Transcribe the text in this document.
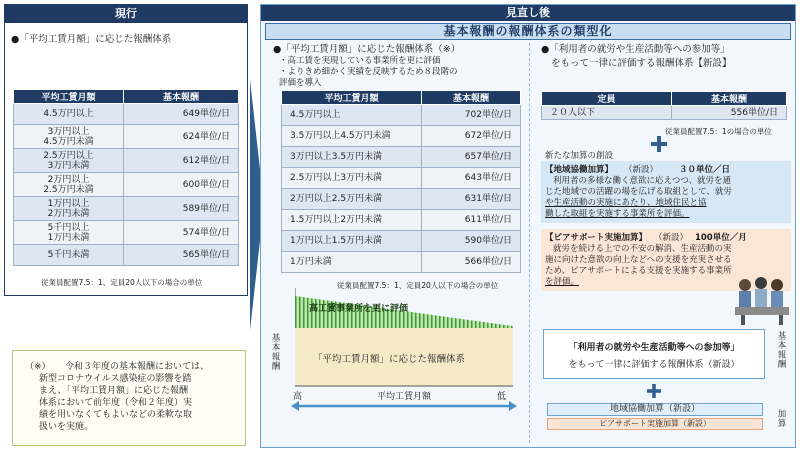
現行
●「平均工賃月額」に応じた報酬体系
平均工賃月額	基本報酬

4.5万円以上	649単位/日

3万円以上
4.5万円未満	624単位/日

2.5万円以上
3万円未満	612単位/日

2万円以上
2.5万円未満	600単位/日

1万円以上
2万円未満	589単位/日

5千円以上
1万円未満	574単位/日

5千円未満	565単位/日
従業員配置7.5：1、定員20人以下の場合の単位
（※） 令和３年度の基本報酬においては、
新型コロナウイルス感染症の影響を踏
まえ、「平均工賃月額」に応じた報酬
体系において前年度（令和２年度）実
績を用いなくてもよいなどの柔軟な取
扱いを実施。
見直し後
基本報酬の報酬体系の類型化
●「平均工賃月額」に応じた報酬体系（※）
・高工賃を実現している事業所を更に評価
・よりきめ細かく実績を反映するため８段階の
評価を導入
平均工賃月額	基本報酬
4.5万円以上	702単位/日
3.5万円以上4.5万円未満	672単位/日
3万円以上3.5万円未満	657単位/日
2.5万円以上3万円未満	643単位/日
2万円以上2.5万円未満	631単位/日
1.5万円以上2万円未満	611単位/日
1万円以上1.5万円未満	590単位/日
1万円未満	566単位/日
従業員配置7.5：1、定員20人以下の場合の単位
基本報酬
高工賃事業所を更に評価
「平均工賃月額」に応じた報酬体系
高	平均工賃月額	低
●「利用者の就労や生産活動等への参加等」
をもって一律に評価する報酬体系【新設】
定員	基本報酬
２０人以下	556単位/日
従業員配置7.5：1の場合の単位
新たな加算の創設
【地域協働加算】 （新設） ３０単位／日
利用者の多様な働く意欲に応えつつ、就労を通
じた地域での活躍の場を広げる取組として、就労
や生産活動の実施にあたり、地域住民と協
働した取組を実施する事業所を評価。
【ピアサポート実施加算】 （新設） 100単位／月
就労を続ける上での不安の解消、生産活動の実
施に向けた意欲の向上などへの支援を充実させる
ため、ピアサポートによる支援を実施する事業所
を評価。
「利用者の就労や生産活動等への参加等」
をもって一律に評価する報酬体系（新設）	基本報酬
地域協働加算（新設）
ピアサポート実施加算（新設）	加算
